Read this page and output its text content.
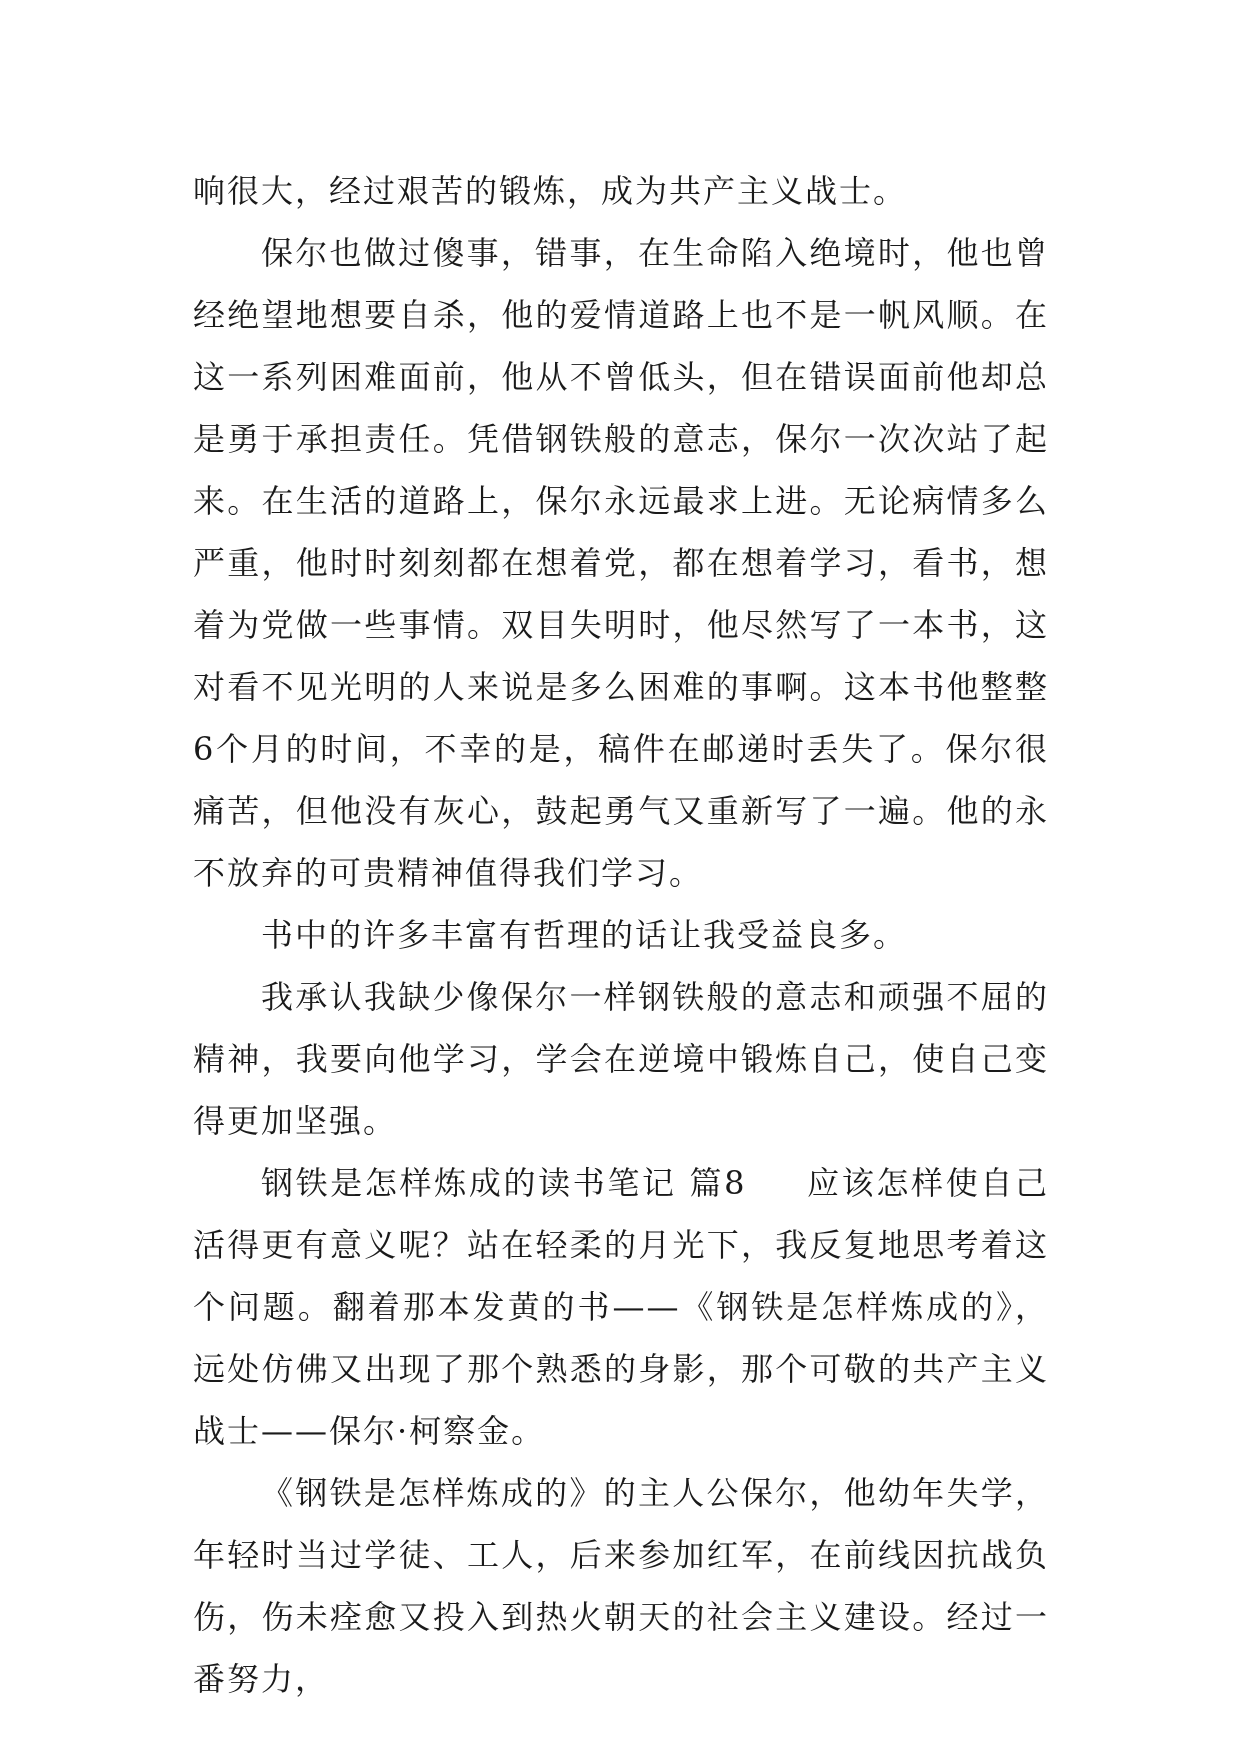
响很大，经过艰苦的锻炼，成为共产主义战士。

保尔也做过傻事，错事，在生命陷入绝境时，他也曾经绝望地想要自杀，他的爱情道路上也不是一帆风顺。在这一系列困难面前，他从不曾低头，但在错误面前他却总是勇于承担责任。凭借钢铁般的意志，保尔一次次站了起来。在生活的道路上，保尔永远最求上进。无论病情多么严重，他时时刻刻都在想着党，都在想着学习，看书，想着为党做一些事情。双目失明时，他尽然写了一本书，这对看不见光明的人来说是多么困难的事啊。这本书他整整6个月的时间，不幸的是，稿件在邮递时丢失了。保尔很痛苦，但他没有灰心，鼓起勇气又重新写了一遍。他的永不放弃的可贵精神值得我们学习。

书中的许多丰富有哲理的话让我受益良多。

我承认我缺少像保尔一样钢铁般的意志和顽强不屈的精神，我要向他学习，学会在逆境中锻炼自己，使自己变得更加坚强。

钢铁是怎样炼成的读书笔记 篇8 应该怎样使自己活得更有意义呢？站在轻柔的月光下，我反复地思考着这个问题。翻着那本发黄的书——《钢铁是怎样炼成的》，远处仿佛又出现了那个熟悉的身影，那个可敬的共产主义战士——保尔·柯察金。

《钢铁是怎样炼成的》的主人公保尔，他幼年失学，年轻时当过学徒、工人，后来参加红军，在前线因抗战负伤，伤未痊愈又投入到热火朝天的社会主义建设。经过一番努力，
